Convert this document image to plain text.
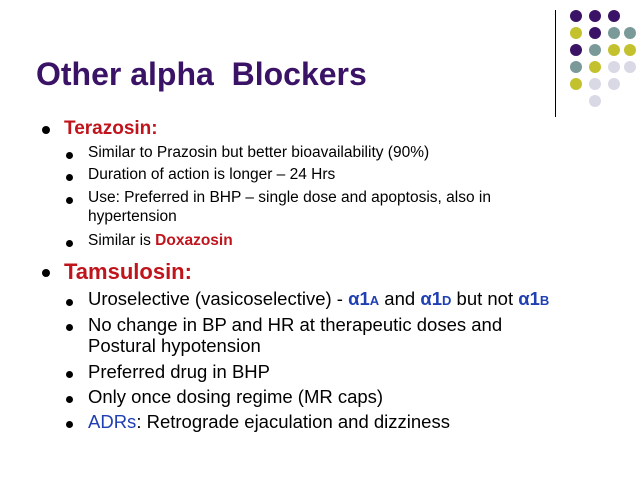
Other alpha  Blockers
Terazosin:
Similar to Prazosin but better bioavailability (90%)
Duration of action is longer – 24 Hrs
Use: Preferred in BHP – single dose and apoptosis, also in
hypertension
Similar is Doxazosin
Tamsulosin:
Uroselective (vasicoselective) - α1A and α1D but not α1B
No change in BP and HR at therapeutic doses and
Postural hypotension
Preferred drug in BHP
Only once dosing regime (MR caps)
ADRs: Retrograde ejaculation and dizziness
